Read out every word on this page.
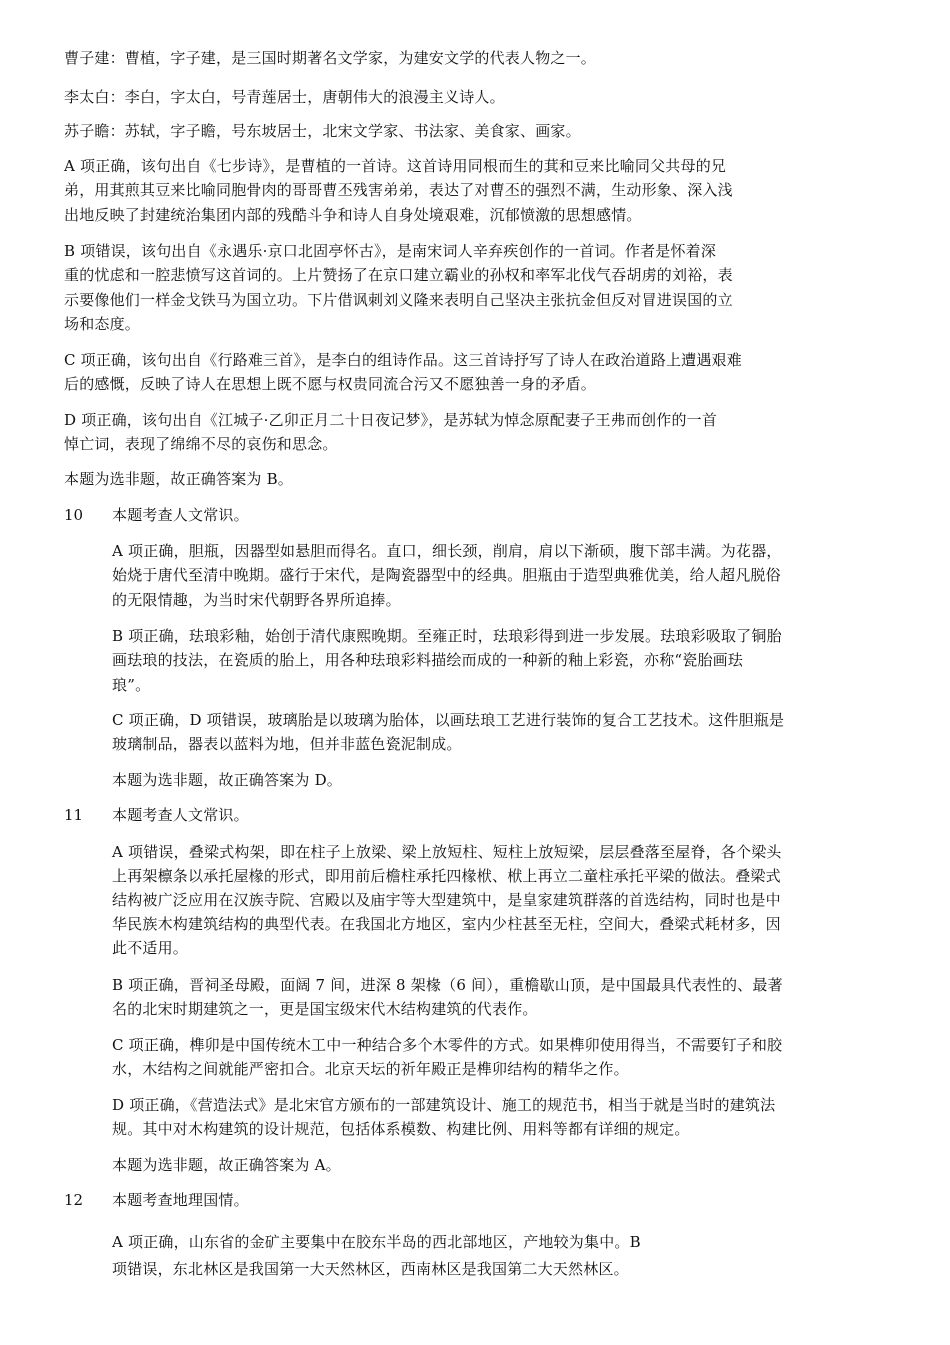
曹子建：曹植，字子建，是三国时期著名文学家，为建安文学的代表人物之一。
李太白：李白，字太白，号青莲居士，唐朝伟大的浪漫主义诗人。
苏子瞻：苏轼，字子瞻，号东坡居士，北宋文学家、书法家、美食家、画家。
A 项正确，该句出自《七步诗》，是曹植的一首诗。这首诗用同根而生的萁和豆来比喻同父共母的兄
弟，用萁煎其豆来比喻同胞骨肉的哥哥曹丕残害弟弟，表达了对曹丕的强烈不满，生动形象、深入浅
出地反映了封建统治集团内部的残酷斗争和诗人自身处境艰难，沉郁愤激的思想感情。
B 项错误，该句出自《永遇乐·京口北固亭怀古》，是南宋词人辛弃疾创作的一首词。作者是怀着深
重的忧虑和一腔悲愤写这首词的。上片赞扬了在京口建立霸业的孙权和率军北伐气吞胡虏的刘裕，表
示要像他们一样金戈铁马为国立功。下片借讽刺刘义隆来表明自己坚决主张抗金但反对冒进误国的立
场和态度。
C 项正确，该句出自《行路难三首》，是李白的组诗作品。这三首诗抒写了诗人在政治道路上遭遇艰难
后的感慨，反映了诗人在思想上既不愿与权贵同流合污又不愿独善一身的矛盾。
D 项正确，该句出自《江城子·乙卯正月二十日夜记梦》，是苏轼为悼念原配妻子王弗而创作的一首
悼亡词，表现了绵绵不尽的哀伤和思念。
本题为选非题，故正确答案为 B。
10 本题考查人文常识。
A 项正确，胆瓶，因器型如悬胆而得名。直口，细长颈，削肩，肩以下渐硕，腹下部丰满。为花器，
始烧于唐代至清中晚期。盛行于宋代，是陶瓷器型中的经典。胆瓶由于造型典雅优美，给人超凡脱俗
的无限情趣，为当时宋代朝野各界所追捧。
B 项正确，珐琅彩釉，始创于清代康熙晚期。至雍正时，珐琅彩得到进一步发展。珐琅彩吸取了铜胎
画珐琅的技法，在瓷质的胎上，用各种珐琅彩料描绘而成的一种新的釉上彩瓷，亦称“瓷胎画珐
琅”。
C 项正确，D 项错误，玻璃胎是以玻璃为胎体，以画珐琅工艺进行装饰的复合工艺技术。这件胆瓶是
玻璃制品，器表以蓝料为地，但并非蓝色瓷泥制成。
本题为选非题，故正确答案为 D。
11 本题考查人文常识。
A 项错误，叠梁式构架，即在柱子上放梁、梁上放短柱、短柱上放短梁，层层叠落至屋脊，各个梁头
上再架檩条以承托屋椽的形式，即用前后檐柱承托四椽栿、栿上再立二童柱承托平梁的做法。叠梁式
结构被广泛应用在汉族寺院、宫殿以及庙宇等大型建筑中，是皇家建筑群落的首选结构，同时也是中
华民族木构建筑结构的典型代表。在我国北方地区，室内少柱甚至无柱，空间大，叠梁式耗材多，因
此不适用。
B 项正确，晋祠圣母殿，面阔 7 间，进深 8 架椽（6 间），重檐歇山顶，是中国最具代表性的、最著
名的北宋时期建筑之一，更是国宝级宋代木结构建筑的代表作。
C 项正确，榫卯是中国传统木工中一种结合多个木零件的方式。如果榫卯使用得当，不需要钉子和胶
水，木结构之间就能严密扣合。北京天坛的祈年殿正是榫卯结构的精华之作。
D 项正确，《营造法式》是北宋官方颁布的一部建筑设计、施工的规范书，相当于就是当时的建筑法
规。其中对木构建筑的设计规范，包括体系模数、构建比例、用料等都有详细的规定。
本题为选非题，故正确答案为 A。
12 本题考查地理国情。
A 项正确，山东省的金矿主要集中在胶东半岛的西北部地区，产地较为集中。B
项错误，东北林区是我国第一大天然林区，西南林区是我国第二大天然林区。
